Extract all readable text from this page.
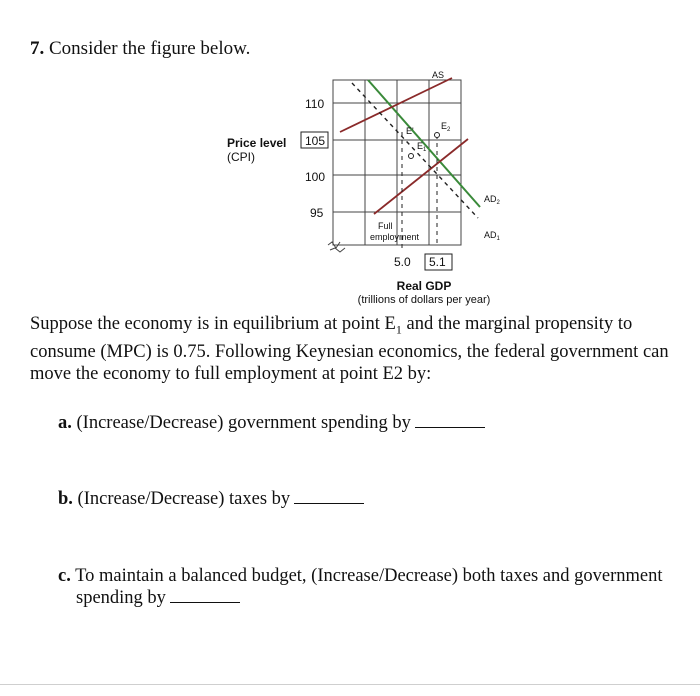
7. Consider the figure below.
Price level
(CPI)
110
105
100
95
AS
E'
$E_1$
$E_2$
$AD_2$
$AD_1$
Full
employment
5.0 5.1
Real GDP
(trillions of dollars per year)
Suppose the economy is in equilibrium at point $E_1$ and the marginal propensity to consume (MPC) is 0.75. Following Keynesian economics, the federal government can move the economy to full employment at point E2 by:
a. (Increase/Decrease) government spending by
b. (Increase/Decrease) taxes by
c. To maintain a balanced budget, (Increase/Decrease) both taxes and government spending by
